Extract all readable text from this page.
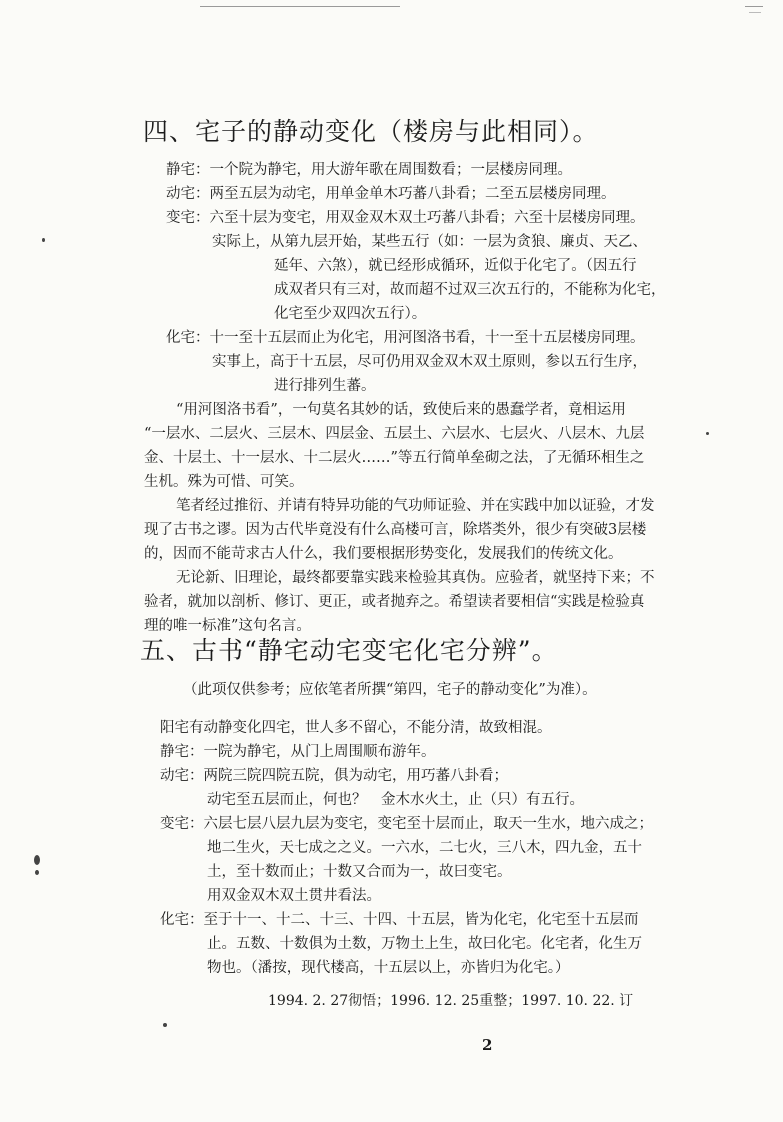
四、宅子的静动变化（楼房与此相同）。
静宅：一个院为静宅，用大游年歌在周围数看；一层楼房同理。
动宅：两至五层为动宅，用单金单木巧蕃八卦看；二至五层楼房同理。
变宅：六至十层为变宅，用双金双木双土巧蕃八卦看；六至十层楼房同理。
实际上，从第九层开始，某些五行（如：一层为贪狼、廉贞、天乙、
延年、六煞），就已经形成循环，近似于化宅了。（因五行
成双者只有三对，故而超不过双三次五行的，不能称为化宅，
化宅至少双四次五行）。
化宅：十一至十五层而止为化宅，用河图洛书看，十一至十五层楼房同理。
实事上，高于十五层，尽可仍用双金双木双土原则，参以五行生序，
进行排列生蕃。
“用河图洛书看”，一句莫名其妙的话，致使后来的愚蠢学者，竟相运用
“一层水、二层火、三层木、四层金、五层土、六层水、七层火、八层木、九层
金、十层土、十一层水、十二层火……”等五行简单垒砌之法，了无循环相生之
生机。殊为可惜、可笑。
笔者经过推衍、并请有特异功能的气功师证验、并在实践中加以证验，才发
现了古书之谬。因为古代毕竟没有什么高楼可言，除塔类外，很少有突破3层楼
的，因而不能苛求古人什么，我们要根据形势变化，发展我们的传统文化。
无论新、旧理论，最终都要靠实践来检验其真伪。应验者，就坚持下来；不
验者，就加以剖析、修订、更正，或者抛弃之。希望读者要相信“实践是检验真
理的唯一标准”这句名言。
五、古书“静宅动宅变宅化宅分辨”。
（此项仅供参考；应依笔者所撰“第四，宅子的静动变化”为准）。
阳宅有动静变化四宅，世人多不留心，不能分清，故致相混。
静宅：一院为静宅，从门上周围顺布游年。
动宅：两院三院四院五院，俱为动宅，用巧蕃八卦看；
动宅至五层而止，何也？　金木水火土，止（只）有五行。
变宅：六层七层八层九层为变宅，变宅至十层而止，取天一生水，地六成之；
地二生火，天七成之之义。一六水，二七火，三八木，四九金，五十
土，至十数而止；十数又合而为一，故曰变宅。
用双金双木双土贯井看法。
化宅：至于十一、十二、十三、十四、十五层，皆为化宅，化宅至十五层而
止。五数、十数俱为土数，万物土上生，故曰化宅。化宅者，化生万
物也。（潘按，现代楼高，十五层以上，亦皆归为化宅。）
1994. 2. 27彻悟；1996. 12. 25重整；1997. 10. 22. 订
2
